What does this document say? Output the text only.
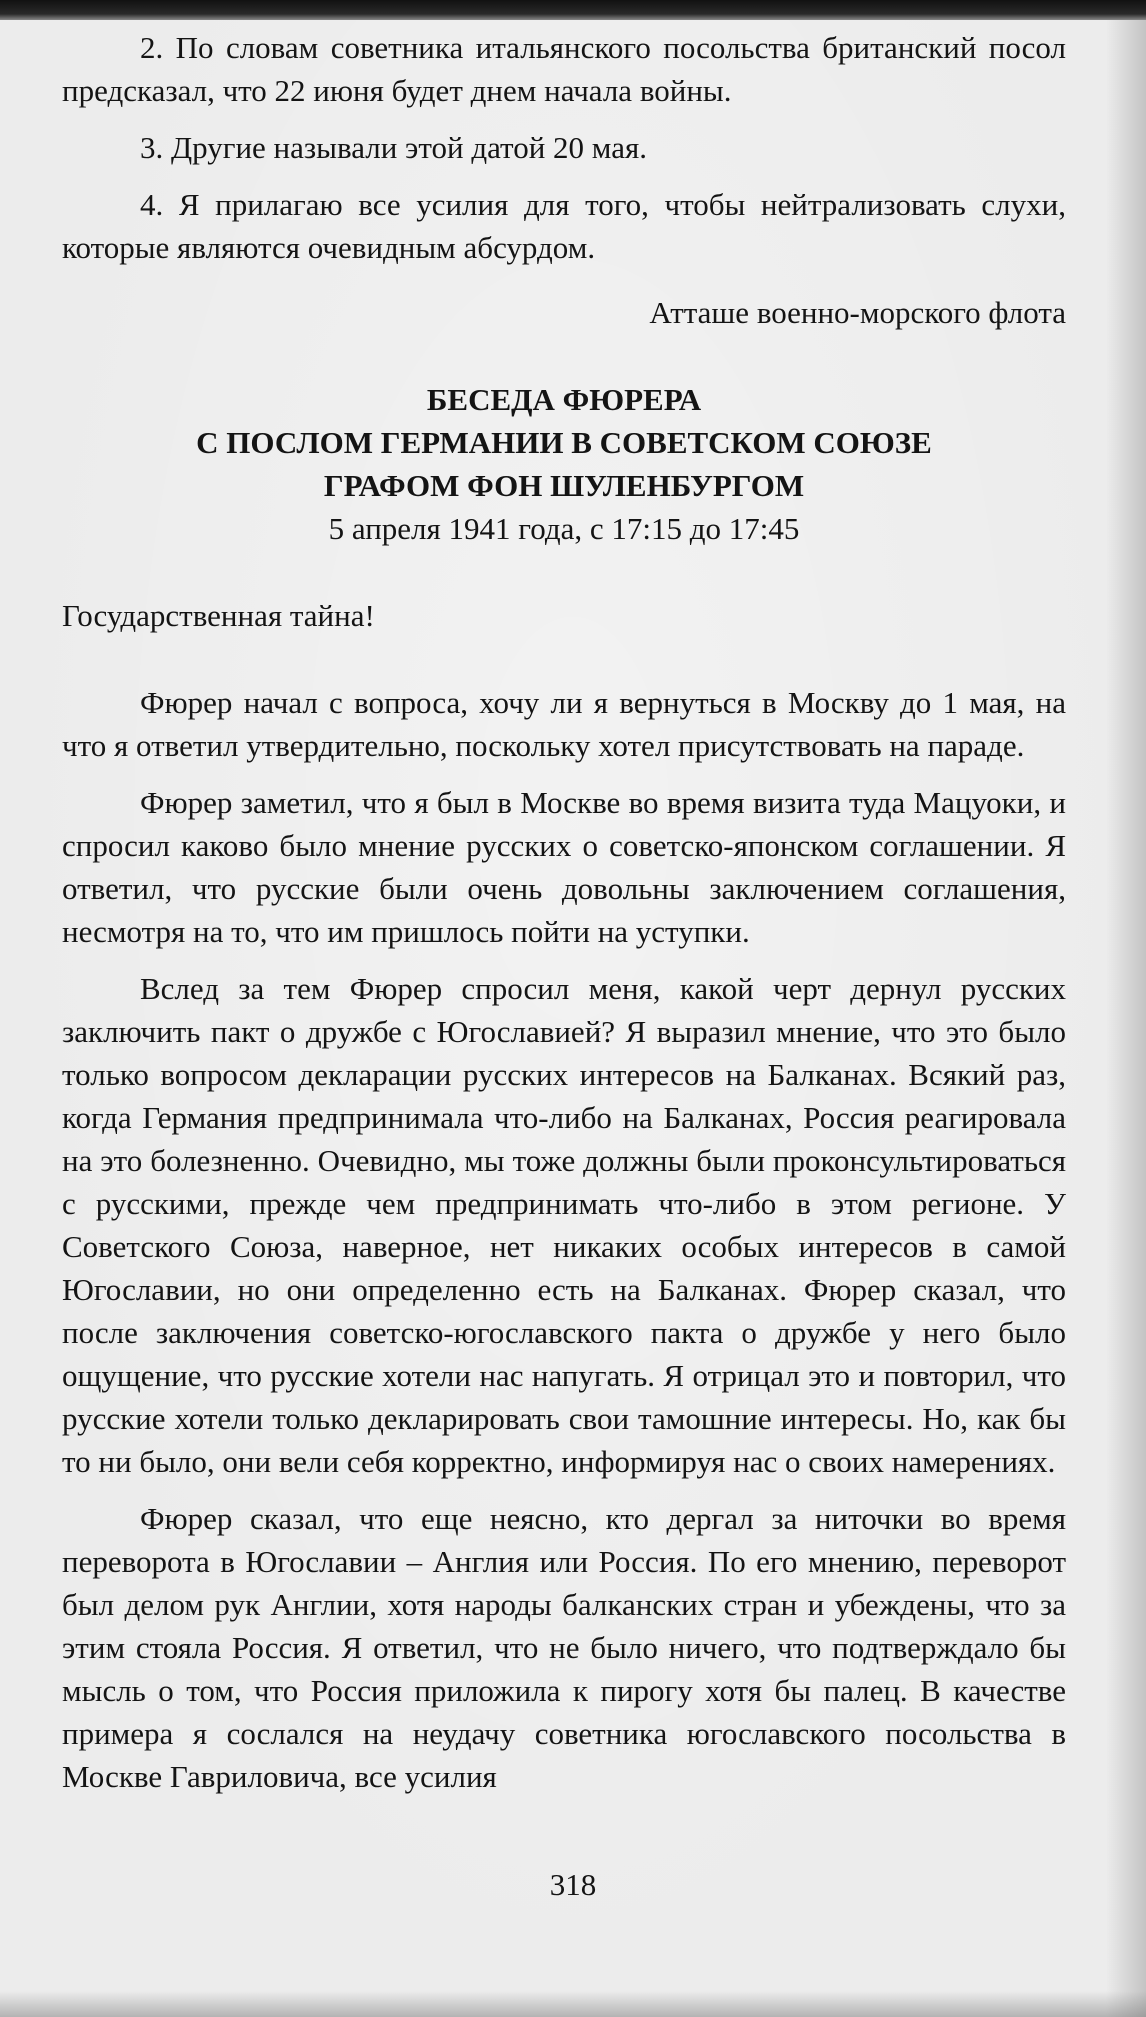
2. По словам советника итальянского посольства британский посол предсказал, что 22 июня будет днем начала войны.

3. Другие называли этой датой 20 мая.

4. Я прилагаю все усилия для того, чтобы нейтрализовать слухи, которые являются очевидным абсурдом.

Атташе военно-морского флота

БЕСЕДА ФЮРЕРА

С ПОСЛОМ ГЕРМАНИИ В СОВЕТСКОМ СОЮЗЕ

ГРАФОМ ФОН ШУЛЕНБУРГОМ

5 апреля 1941 года, с 17:15 до 17:45

Государственная тайна!

Фюрер начал с вопроса, хочу ли я вернуться в Москву до 1 мая, на что я ответил утвердительно, поскольку хотел присутствовать на параде.

Фюрер заметил, что я был в Москве во время визита туда Мацуоки, и спросил каково было мнение русских о советско-японском соглашении. Я ответил, что русские были очень довольны заключением соглашения, несмотря на то, что им пришлось пойти на уступки.

Вслед за тем Фюрер спросил меня, какой черт дернул русских заключить пакт о дружбе с Югославией? Я выразил мнение, что это было только вопросом декларации русских интересов на Балканах. Всякий раз, когда Германия предпринимала что-либо на Балканах, Россия реагировала на это болезненно. Очевидно, мы тоже должны были проконсультироваться с русскими, прежде чем предпринимать что-либо в этом регионе. У Советского Союза, наверное, нет никаких особых интересов в самой Югославии, но они определенно есть на Балканах. Фюрер сказал, что после заключения советско-югославского пакта о дружбе у него было ощущение, что русские хотели нас напугать. Я отрицал это и повторил, что русские хотели только декларировать свои тамошние интересы. Но, как бы то ни было, они вели себя корректно, информируя нас о своих намерениях.

Фюрер сказал, что еще неясно, кто дергал за ниточки во время переворота в Югославии – Англия или Россия. По его мнению, переворот был делом рук Англии, хотя народы балканских стран и убеждены, что за этим стояла Россия. Я ответил, что не было ничего, что подтверждало бы мысль о том, что Россия приложила к пирогу хотя бы палец. В качестве примера я сослался на неудачу советника югославского посольства в Москве Гавриловича, все усилия

318
